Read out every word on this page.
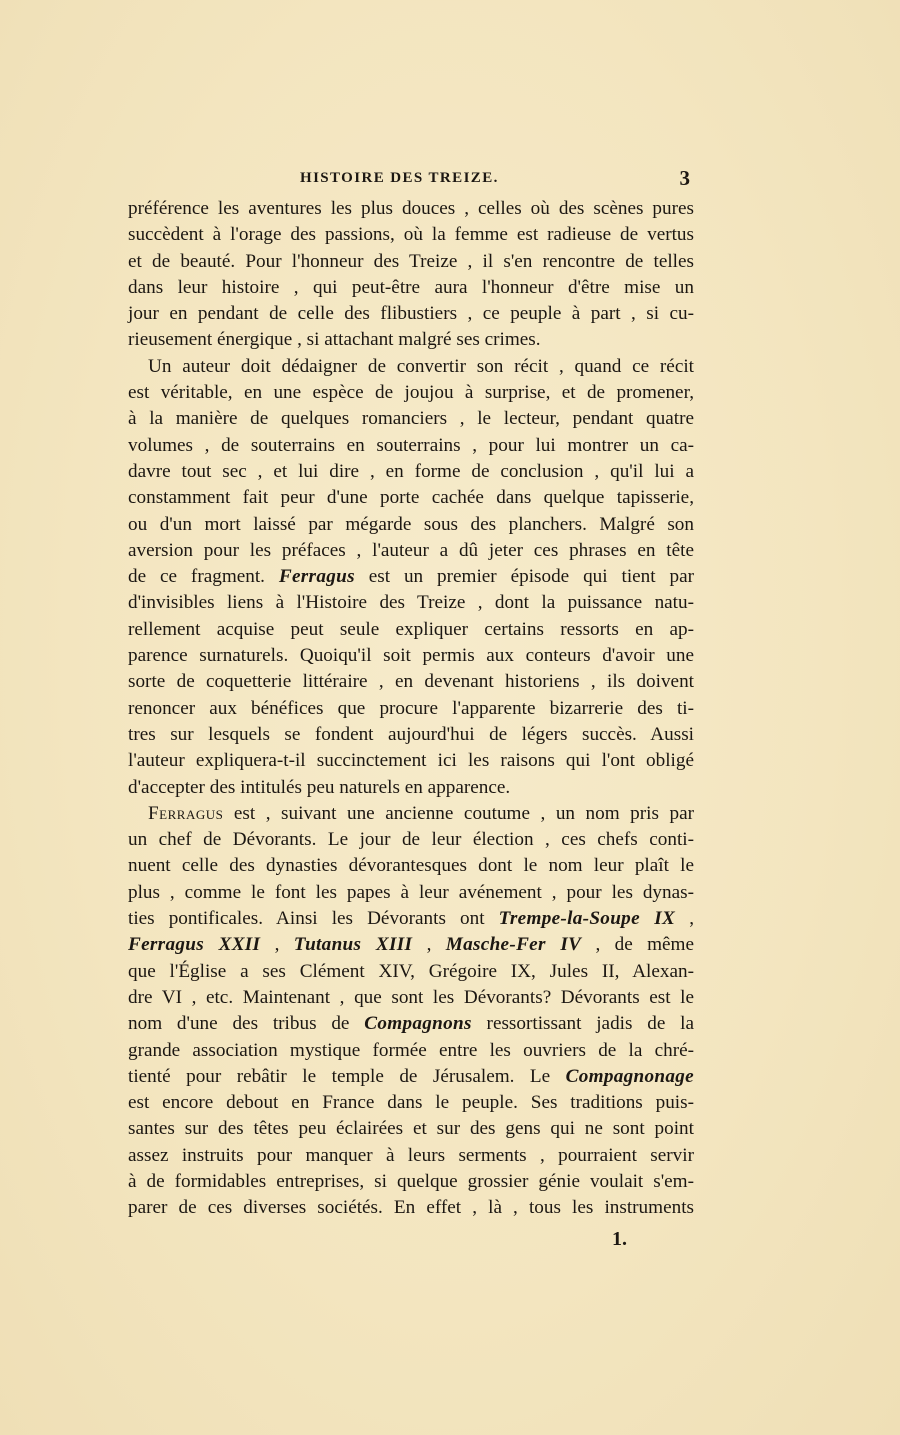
HISTOIRE DES TREIZE.	3
préférence les aventures les plus douces , celles où des scènes pures
succèdent à l'orage des passions, où la femme est radieuse de vertus
et de beauté. Pour l'honneur des Treize , il s'en rencontre de telles
dans leur histoire , qui peut-être aura l'honneur d'être mise un
jour en pendant de celle des flibustiers , ce peuple à part , si cu-
rieusement énergique , si attachant malgré ses crimes.
Un auteur doit dédaigner de convertir son récit , quand ce récit
est véritable, en une espèce de joujou à surprise, et de promener,
à la manière de quelques romanciers , le lecteur, pendant quatre
volumes , de souterrains en souterrains , pour lui montrer un ca-
davre tout sec , et lui dire , en forme de conclusion , qu'il lui a
constamment fait peur d'une porte cachée dans quelque tapisserie,
ou d'un mort laissé par mégarde sous des planchers. Malgré son
aversion pour les préfaces , l'auteur a dû jeter ces phrases en tête
de ce fragment. Ferragus est un premier épisode qui tient par
d'invisibles liens à l'Histoire des Treize , dont la puissance natu-
rellement acquise peut seule expliquer certains ressorts en ap-
parence surnaturels. Quoiqu'il soit permis aux conteurs d'avoir une
sorte de coquetterie littéraire , en devenant historiens , ils doivent
renoncer aux bénéfices que procure l'apparente bizarrerie des ti-
tres sur lesquels se fondent aujourd'hui de légers succès. Aussi
l'auteur expliquera-t-il succinctement ici les raisons qui l'ont obligé
d'accepter des intitulés peu naturels en apparence.
Ferragus est , suivant une ancienne coutume , un nom pris par
un chef de Dévorants. Le jour de leur élection , ces chefs conti-
nuent celle des dynasties dévorantesques dont le nom leur plaît le
plus , comme le font les papes à leur avénement , pour les dynas-
ties pontificales. Ainsi les Dévorants ont Trempe-la-Soupe IX ,
Ferragus XXII , Tutanus XIII , Masche-Fer IV , de même
que l'Église a ses Clément XIV, Grégoire IX, Jules II, Alexan-
dre VI , etc. Maintenant , que sont les Dévorants? Dévorants est le
nom d'une des tribus de Compagnons ressortissant jadis de la
grande association mystique formée entre les ouvriers de la chré-
tienté pour rebâtir le temple de Jérusalem. Le Compagnonage
est encore debout en France dans le peuple. Ses traditions puis-
santes sur des têtes peu éclairées et sur des gens qui ne sont point
assez instruits pour manquer à leurs serments , pourraient servir
à de formidables entreprises, si quelque grossier génie voulait s'em-
parer de ces diverses sociétés. En effet , là , tous les instruments
1.
